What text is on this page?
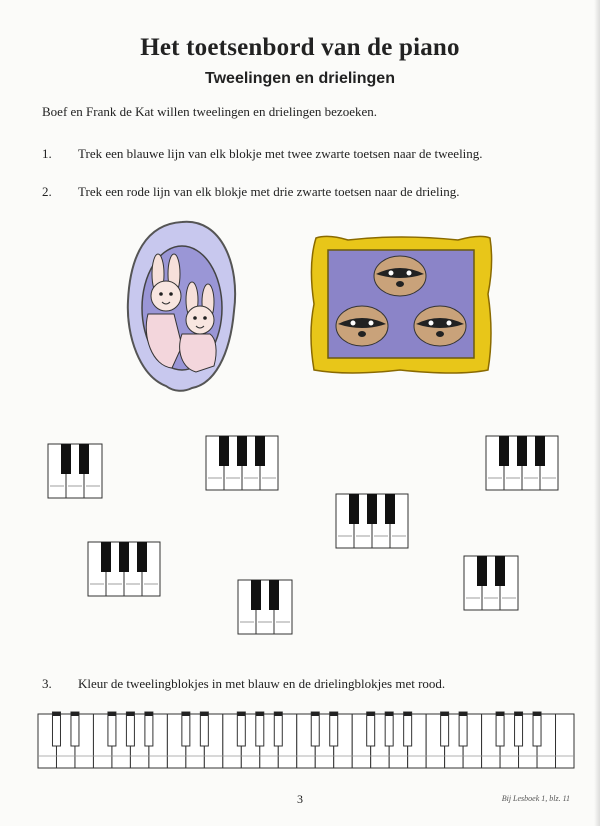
Het toetsenbord van de piano
Tweelingen en drielingen
Boef en Frank de Kat willen tweelingen en drielingen bezoeken.
1. Trek een blauwe lijn van elk blokje met twee zwarte toetsen naar de tweeling.
2. Trek een rode lijn van elk blokje met drie zwarte toetsen naar de drieling.
3. Kleur de tweelingblokjes in met blauw en de drielingblokjes met rood.
3	Bij Lesboek 1, blz. 11
